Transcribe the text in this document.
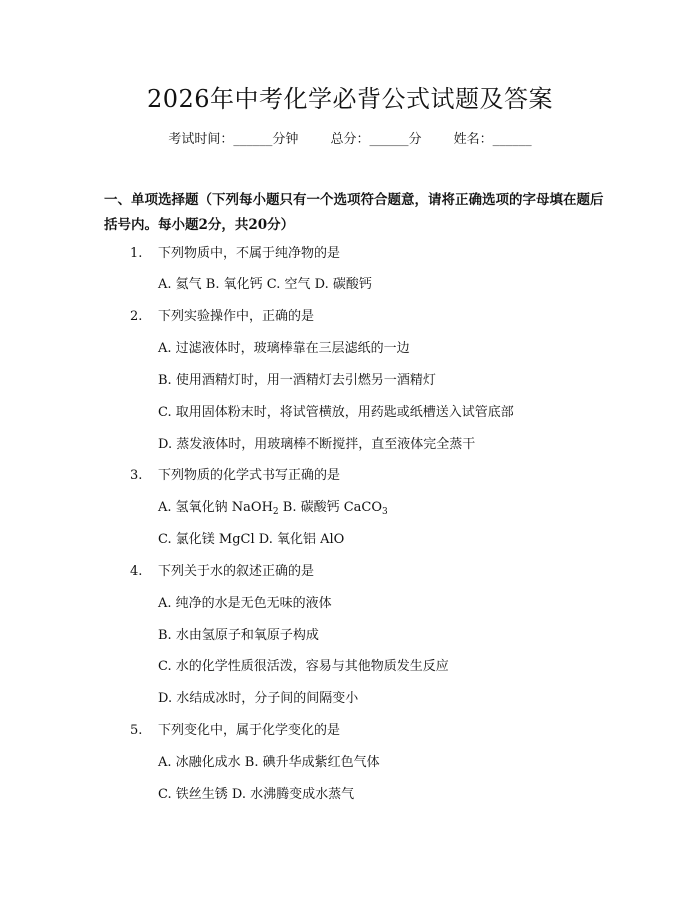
2026年中考化学必背公式试题及答案
考试时间：______分钟 总分：______分 姓名：______
一、单项选择题（下列每小题只有一个选项符合题意，请将正确选项的字母填在题后括号内。每小题2分，共20分）
1. 下列物质中，不属于纯净物的是
A. 氦气 B. 氧化钙 C. 空气 D. 碳酸钙
2. 下列实验操作中，正确的是
A. 过滤液体时，玻璃棒靠在三层滤纸的一边
B. 使用酒精灯时，用一酒精灯去引燃另一酒精灯
C. 取用固体粉末时，将试管横放，用药匙或纸槽送入试管底部
D. 蒸发液体时，用玻璃棒不断搅拌，直至液体完全蒸干
3. 下列物质的化学式书写正确的是
A. 氢氧化钠 NaOH$_2$ B. 碳酸钙 CaCO$_3$
C. 氯化镁 MgCl D. 氧化铝 AlO
4. 下列关于水的叙述正确的是
A. 纯净的水是无色无味的液体
B. 水由氢原子和氧原子构成
C. 水的化学性质很活泼，容易与其他物质发生反应
D. 水结成冰时，分子间的间隔变小
5. 下列变化中，属于化学变化的是
A. 冰融化成水 B. 碘升华成紫红色气体
C. 铁丝生锈 D. 水沸腾变成水蒸气
